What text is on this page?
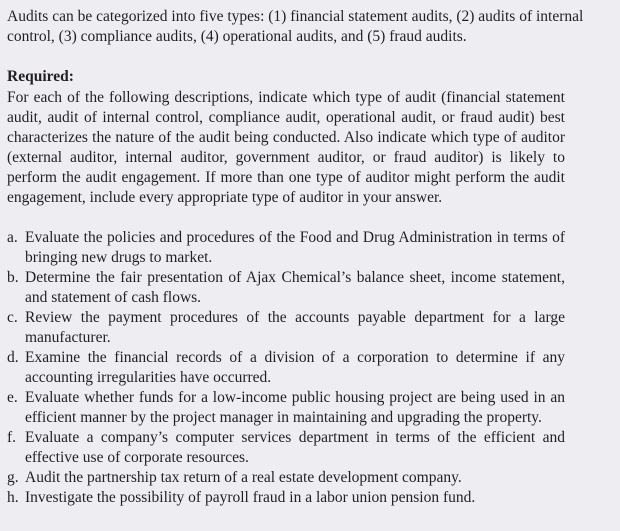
Audits can be categorized into five types: (1) financial statement audits, (2) audits of internal control, (3) compliance audits, (4) operational audits, and (5) fraud audits.

Required:

For each of the following descriptions, indicate which type of audit (financial statement audit, audit of internal control, compliance audit, operational audit, or fraud audit) best characterizes the nature of the audit being conducted. Also indicate which type of auditor (external auditor, internal auditor, government auditor, or fraud auditor) is likely to perform the audit engagement. If more than one type of auditor might perform the audit engagement, include every appropriate type of auditor in your answer.

a. Evaluate the policies and procedures of the Food and Drug Administration in terms of bringing new drugs to market.
b. Determine the fair presentation of Ajax Chemical’s balance sheet, income statement, and statement of cash flows.
c. Review the payment procedures of the accounts payable department for a large manufacturer.
d. Examine the financial records of a division of a corporation to determine if any accounting irregularities have occurred.
e. Evaluate whether funds for a low-income public housing project are being used in an efficient manner by the project manager in maintaining and upgrading the property.
f. Evaluate a company’s computer services department in terms of the efficient and effective use of corporate resources.
g. Audit the partnership tax return of a real estate development company.
h. Investigate the possibility of payroll fraud in a labor union pension fund.
